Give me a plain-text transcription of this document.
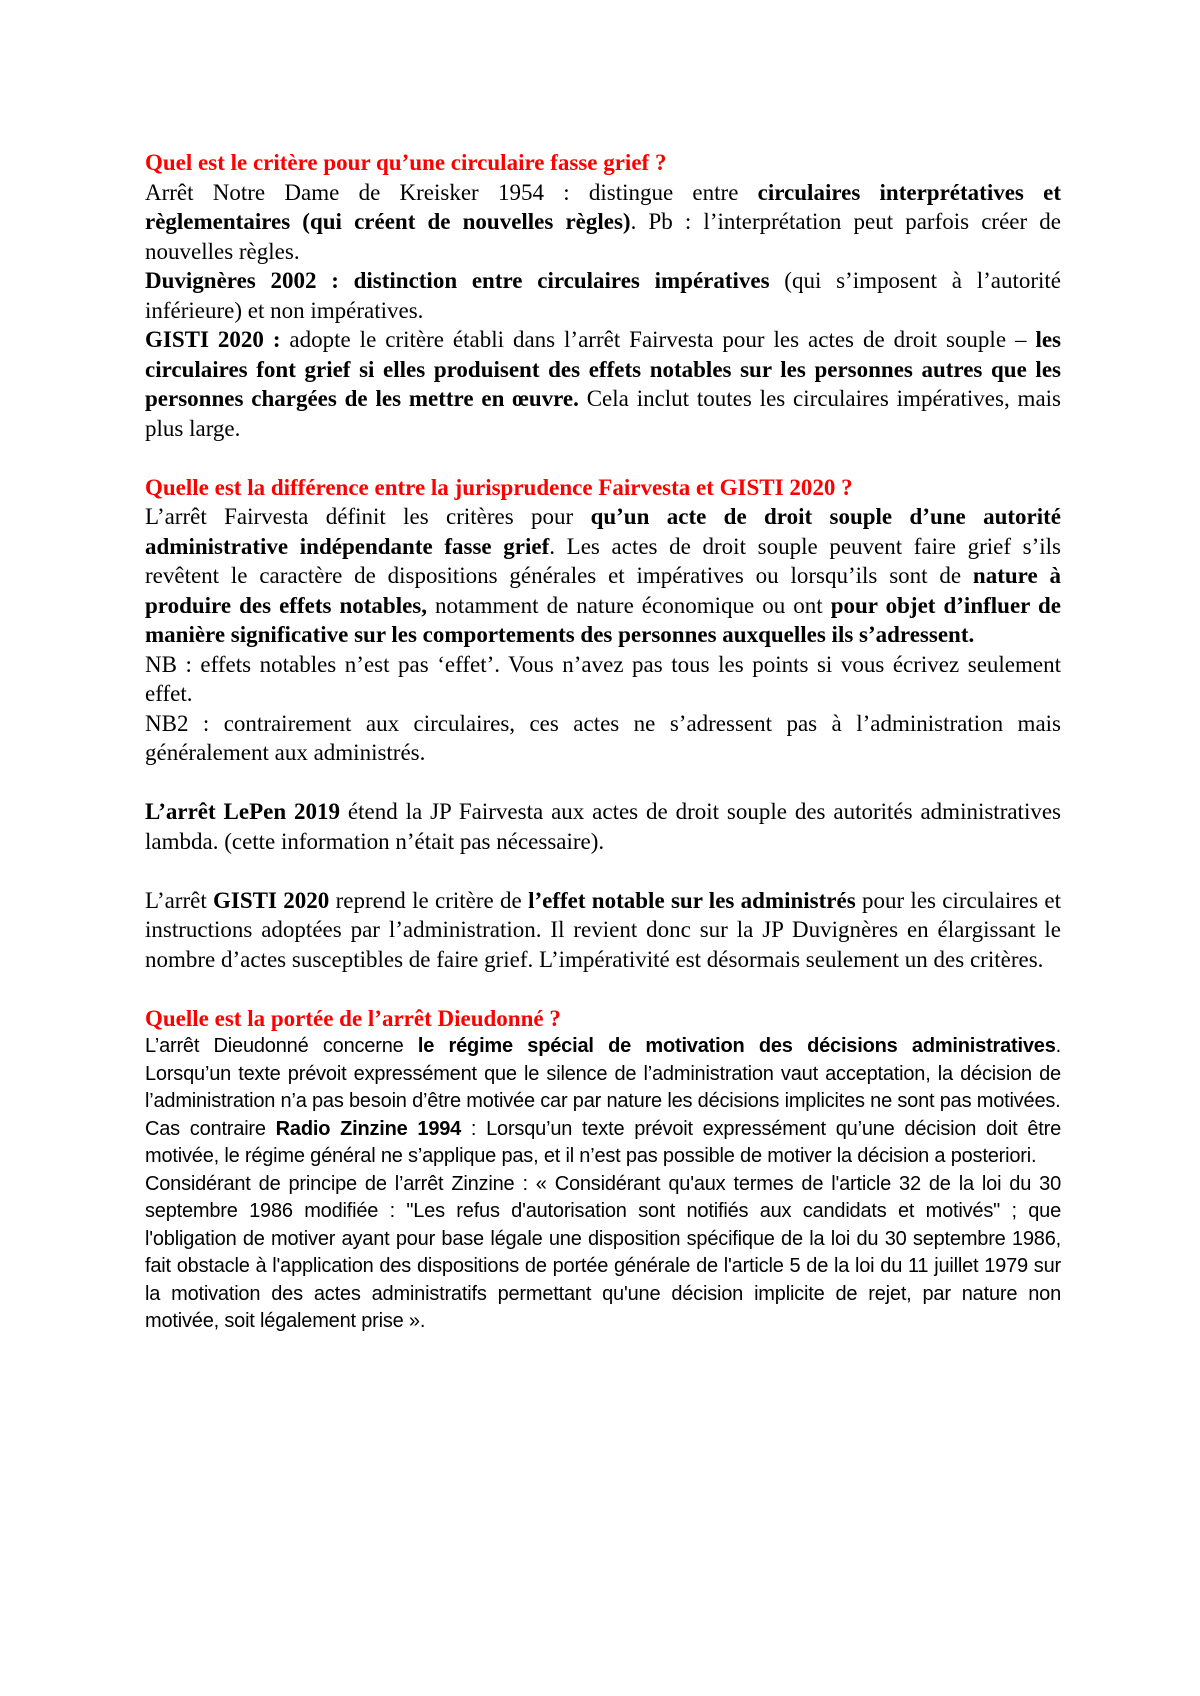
Quel est le critère pour qu’une circulaire fasse grief ?

Arrêt Notre Dame de Kreisker 1954 : distingue entre circulaires interprétatives et règlementaires (qui créent de nouvelles règles). Pb : l’interprétation peut parfois créer de nouvelles règles.

Duvignères 2002 : distinction entre circulaires impératives (qui s’imposent à l’autorité inférieure) et non impératives.

GISTI 2020 : adopte le critère établi dans l’arrêt Fairvesta pour les actes de droit souple – les circulaires font grief si elles produisent des effets notables sur les personnes autres que les personnes chargées de les mettre en œuvre. Cela inclut toutes les circulaires impératives, mais plus large.

Quelle est la différence entre la jurisprudence Fairvesta et GISTI 2020 ?

L’arrêt Fairvesta définit les critères pour qu’un acte de droit souple d’une autorité administrative indépendante fasse grief. Les actes de droit souple peuvent faire grief s’ils revêtent le caractère de dispositions générales et impératives ou lorsqu’ils sont de nature à produire des effets notables, notamment de nature économique ou ont pour objet d’influer de manière significative sur les comportements des personnes auxquelles ils s’adressent.

NB : effets notables n’est pas ‘effet’. Vous n’avez pas tous les points si vous écrivez seulement effet.

NB2 : contrairement aux circulaires, ces actes ne s’adressent pas à l’administration mais généralement aux administrés.

L’arrêt LePen 2019 étend la JP Fairvesta aux actes de droit souple des autorités administratives lambda. (cette information n’était pas nécessaire).

L’arrêt GISTI 2020 reprend le critère de l’effet notable sur les administrés pour les circulaires et instructions adoptées par l’administration. Il revient donc sur la JP Duvignères en élargissant le nombre d’actes susceptibles de faire grief. L’impérativité est désormais seulement un des critères.

Quelle est la portée de l’arrêt Dieudonné ?

L’arrêt Dieudonné concerne le régime spécial de motivation des décisions administratives. Lorsqu’un texte prévoit expressément que le silence de l’administration vaut acceptation, la décision de l’administration n’a pas besoin d’être motivée car par nature les décisions implicites ne sont pas motivées.

Cas contraire Radio Zinzine 1994 : Lorsqu’un texte prévoit expressément qu’une décision doit être motivée, le régime général ne s’applique pas, et il n’est pas possible de motiver la décision a posteriori.

Considérant de principe de l’arrêt Zinzine : « Considérant qu'aux termes de l'article 32 de la loi du 30 septembre 1986 modifiée : "Les refus d'autorisation sont notifiés aux candidats et motivés" ; que l'obligation de motiver ayant pour base légale une disposition spécifique de la loi du 30 septembre 1986, fait obstacle à l'application des dispositions de portée générale de l'article 5 de la loi du 11 juillet 1979 sur la motivation des actes administratifs permettant qu'une décision implicite de rejet, par nature non motivée, soit légalement prise ».
